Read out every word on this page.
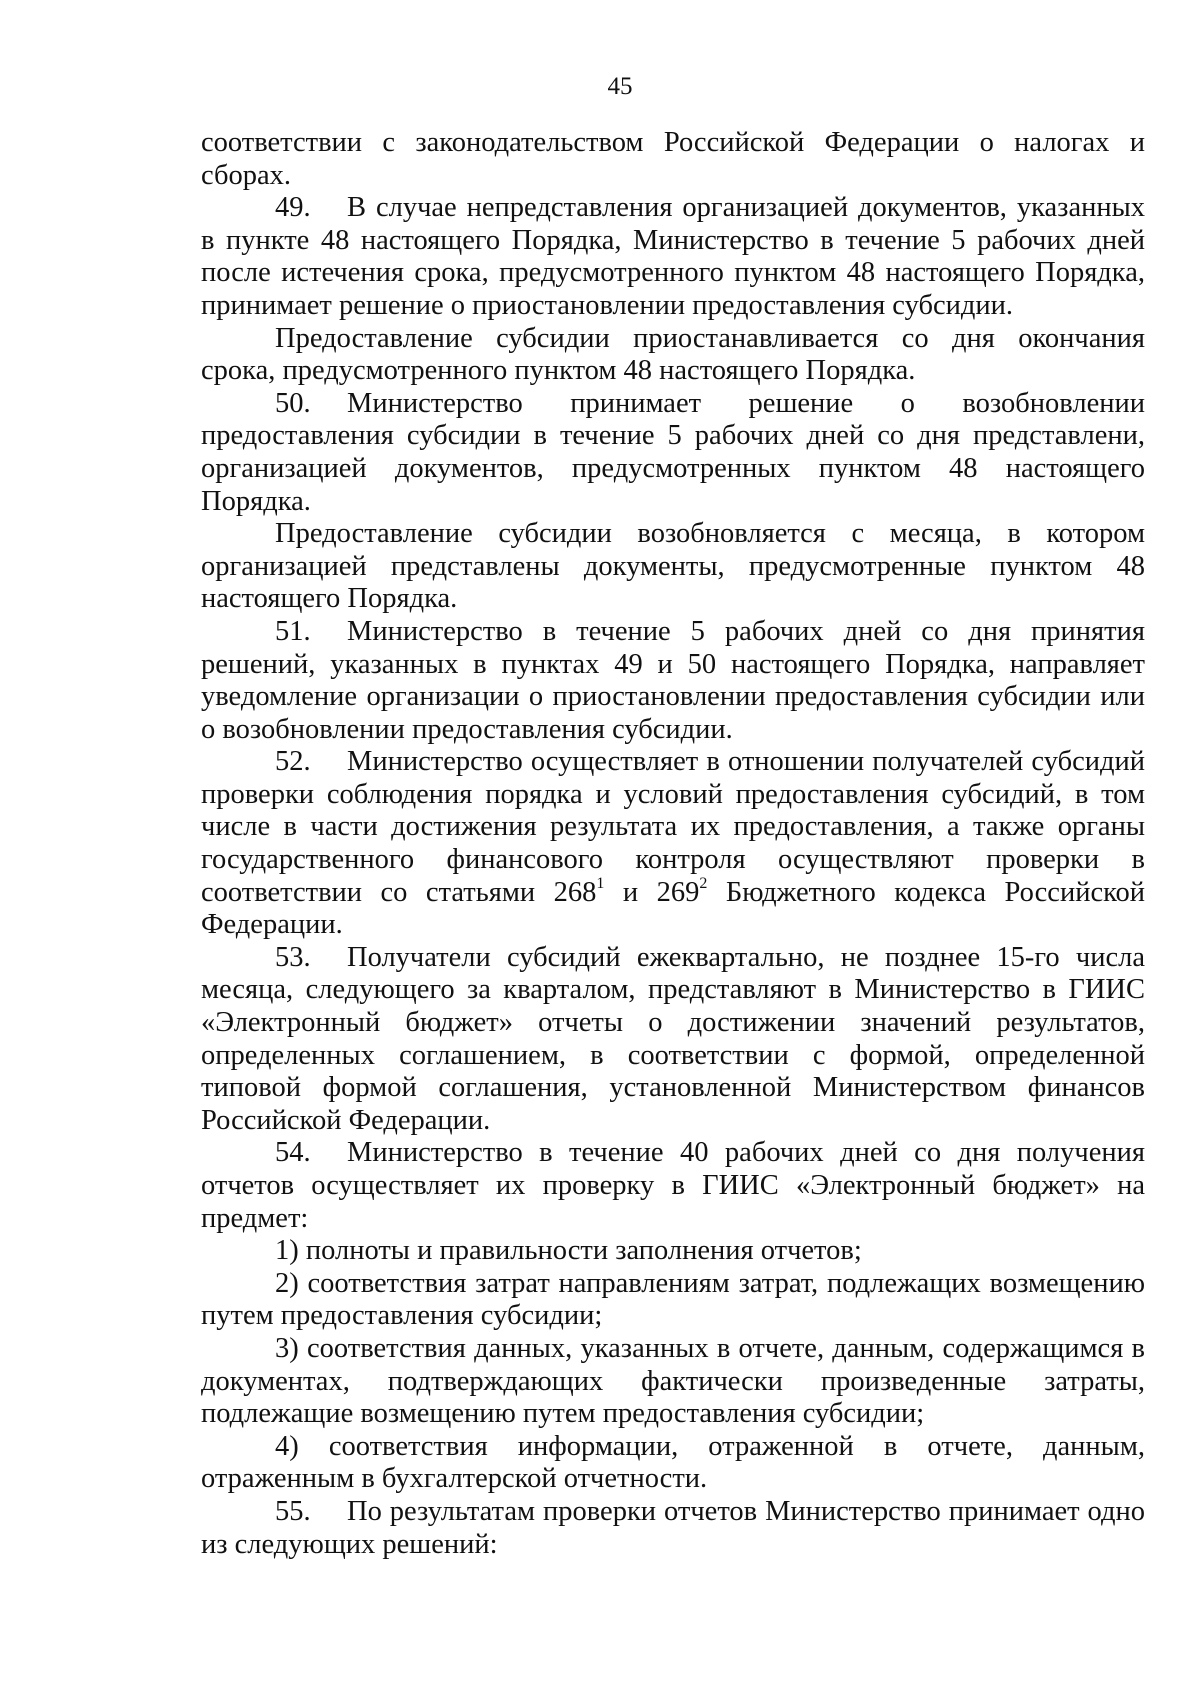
45

соответствии с законодательством Российской Федерации о налогах и сборах.

49. В случае непредставления организацией документов, указанных в пункте 48 настоящего Порядка, Министерство в течение 5 рабочих дней после истечения срока, предусмотренного пунктом 48 настоящего Порядка, принимает решение о приостановлении предоставления субсидии.

Предоставление субсидии приостанавливается со дня окончания срока, предусмотренного пунктом 48 настоящего Порядка.

50. Министерство принимает решение о возобновлении предоставления субсидии в течение 5 рабочих дней со дня представлени, организацией документов, предусмотренных пунктом 48 настоящего Порядка.

Предоставление субсидии возобновляется с месяца, в котором организацией представлены документы, предусмотренные пунктом 48 настоящего Порядка.

51. Министерство в течение 5 рабочих дней со дня принятия решений, указанных в пунктах 49 и 50 настоящего Порядка, направляет уведомление организации о приостановлении предоставления субсидии или о возобновлении предоставления субсидии.

52. Министерство осуществляет в отношении получателей субсидий проверки соблюдения порядка и условий предоставления субсидий, в том числе в части достижения результата их предоставления, а также органы государственного финансового контроля осуществляют проверки в соответствии со статьями $268^1$ и $269^2$ Бюджетного кодекса Российской Федерации.

53. Получатели субсидий ежеквартально, не позднее 15-го числа месяца, следующего за кварталом, представляют в Министерство в ГИИС «Электронный бюджет» отчеты о достижении значений результатов, определенных соглашением, в соответствии с формой, определенной типовой формой соглашения, установленной Министерством финансов Российской Федерации.

54. Министерство в течение 40 рабочих дней со дня получения отчетов осуществляет их проверку в ГИИС «Электронный бюджет» на предмет:

1) полноты и правильности заполнения отчетов;

2) соответствия затрат направлениям затрат, подлежащих возмещению путем предоставления субсидии;

3) соответствия данных, указанных в отчете, данным, содержащимся в документах, подтверждающих фактически произведенные затраты, подлежащие возмещению путем предоставления субсидии;

4) соответствия информации, отраженной в отчете, данным, отраженным в бухгалтерской отчетности.

55. По результатам проверки отчетов Министерство принимает одно из следующих решений:
